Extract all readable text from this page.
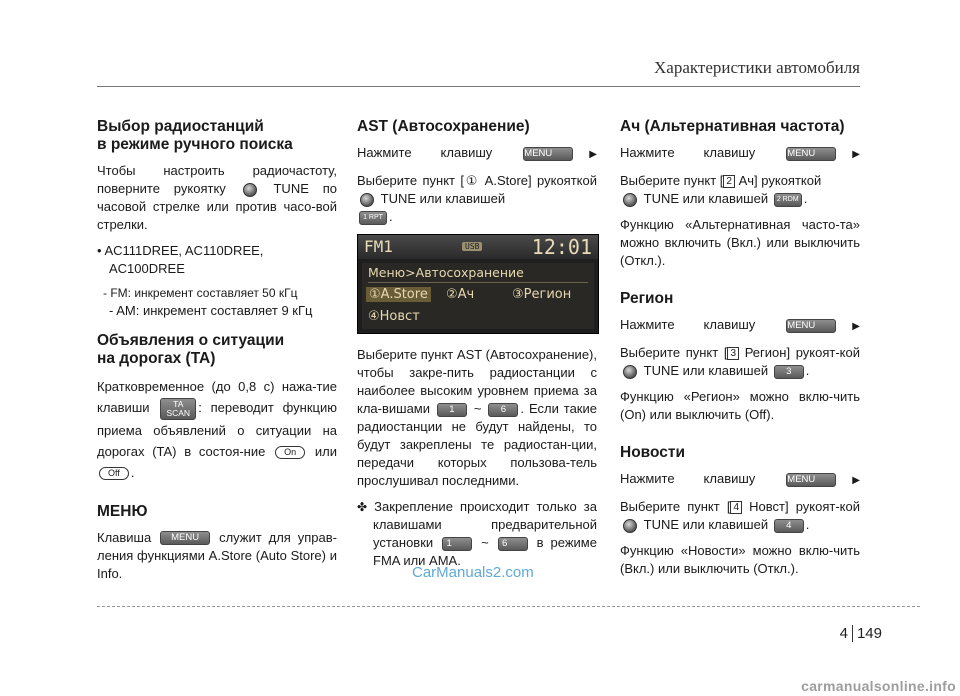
Характеристики автомобиля
Выбор радиостанций
в режиме ручного поиска

Чтобы настроить радиочастоту, поверните рукоятку	TUNE по часовой стрелке или против часо-вой стрелки.

• AC111DREE, AC110DREE,
AC100DREE
- FM: инкремент составляет 50 кГц
- AM: инкремент составляет 9 кГц
Объявления о ситуации
на дорогах (TA)

Кратковременное (до 0,8 с) нажа-тие клавиши	TA
SCAN : переводит функцию приема объявлений о ситуации на дорогах (TA) в состоя-ние On или Off .

МЕНЮ

Клавиша MENU служит для управ-ления функциями A.Store (Auto Store) и Info.

AST (Автосохранение)

Нажмите клавишу	MENU	▶

Выберите пункт [① A.Store] рукояткой  TUNE или клавишей
1 RPT .

FM1	USB	12:01
Меню>Автосохранение
①A.Store ②Ач	③Регион
④Новст

Выберите пункт AST (Автосохранение), чтобы закре-пить радиостанции с наиболее высоким уровнем приема за кла-вишами 1 ~ 6 . Если такие радиостанции не будут найдены, то будут закреплены те радиостан-ции, передачи которых пользова-тель прослушивал последними.

✤ Закрепление происходит только за клавишами предварительной установки 1 ~ 6 в режиме FMA или AMA.

Ач (Альтернативная частота)

Нажмите клавишу	MENU	▶

Выберите пункт [ 2 Ач] рукояткой
TUNE или клавишей 2 RDM .

Функцию «Альтернативная часто-та» можно включить (Вкл.) или выключить (Откл.).

Регион

Нажмите клавишу	MENU	▶

Выберите пункт [ 3 Регион] рукоят-кой  TUNE или клавишей 3 .

Функцию «Регион» можно вклю-чить (On) или выключить (Off).

Новости

Нажмите клавишу	MENU	▶

Выберите пункт [ 4 Новст] рукоят-кой  TUNE или клавишей 4 .

Функцию «Новости» можно вклю-чить (Вкл.) или выключить (Откл.).

CarManuals2.com
4 149
carmanualsonline.info
